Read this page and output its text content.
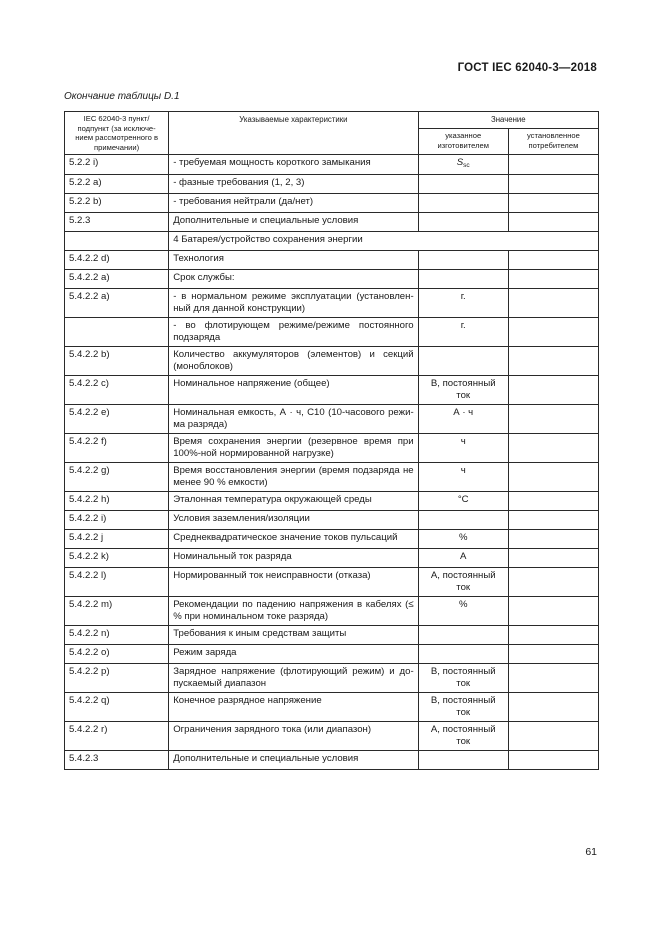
ГОСТ IEC 62040-3—2018
Окончание таблицы D.1
IEC 62040-3 пункт/ подпункт (за исключе- нием рассмотренного в примечании)	Указываемые характеристики	Значение	
		указанное изготовителем	установленное потребителем
5.2.2 i)	- требуемая мощность короткого замыкания	$S_{sc}$	
5.2.2 a)	- фазные требования (1, 2, 3)		
5.2.2 b)	- требования нейтрали (да/нет)		
5.2.3	Дополнительные и специальные условия		
	4 Батарея/устройство сохранения энергии		
5.4.2.2 d)	Технология		
5.4.2.2 a)	Срок службы:		
5.4.2.2 a)	- в нормальном режиме эксплуатации (установлен- ный для данной конструкции)	г.	
	- во флотирующем режиме/режиме постоянного подзаряда	г.	
5.4.2.2 b)	Количество аккумуляторов (элементов) и секций (моноблоков)		
5.4.2.2 c)	Номинальное напряжение (общее)	В, постоянный ток	
5.4.2.2 e)	Номинальная емкость, А · ч, С10 (10-часового режи- ма разряда)	А · ч	
5.4.2.2 f)	Время сохранения энергии (резервное время при 100%-ной нормированной нагрузке)	ч	
5.4.2.2 g)	Время восстановления энергии (время подзаряда не менее 90 % емкости)	ч	
5.4.2.2 h)	Эталонная температура окружающей среды	°С	
5.4.2.2 i)	Условия заземления/изоляции		
5.4.2.2 j	Среднеквадратическое значение токов пульсаций	%	
5.4.2.2 k)	Номинальный ток разряда	А	
5.4.2.2 l)	Нормированный ток неисправности (отказа)	А, постоянный ток	
5.4.2.2 m)	Рекомендации по падению напряжения в кабелях (≤ % при номинальном токе разряда)	%	
5.4.2.2 n)	Требования к иным средствам защиты		
5.4.2.2 o)	Режим заряда		
5.4.2.2 p)	Зарядное напряжение (флотирующий режим) и до- пускаемый диапазон	В, постоянный ток	
5.4.2.2 q)	Конечное разрядное напряжение	В, постоянный ток	
5.4.2.2 r)	Ограничения зарядного тока (или диапазон)	А, постоянный ток	
5.4.2.3	Дополнительные и специальные условия		
61
